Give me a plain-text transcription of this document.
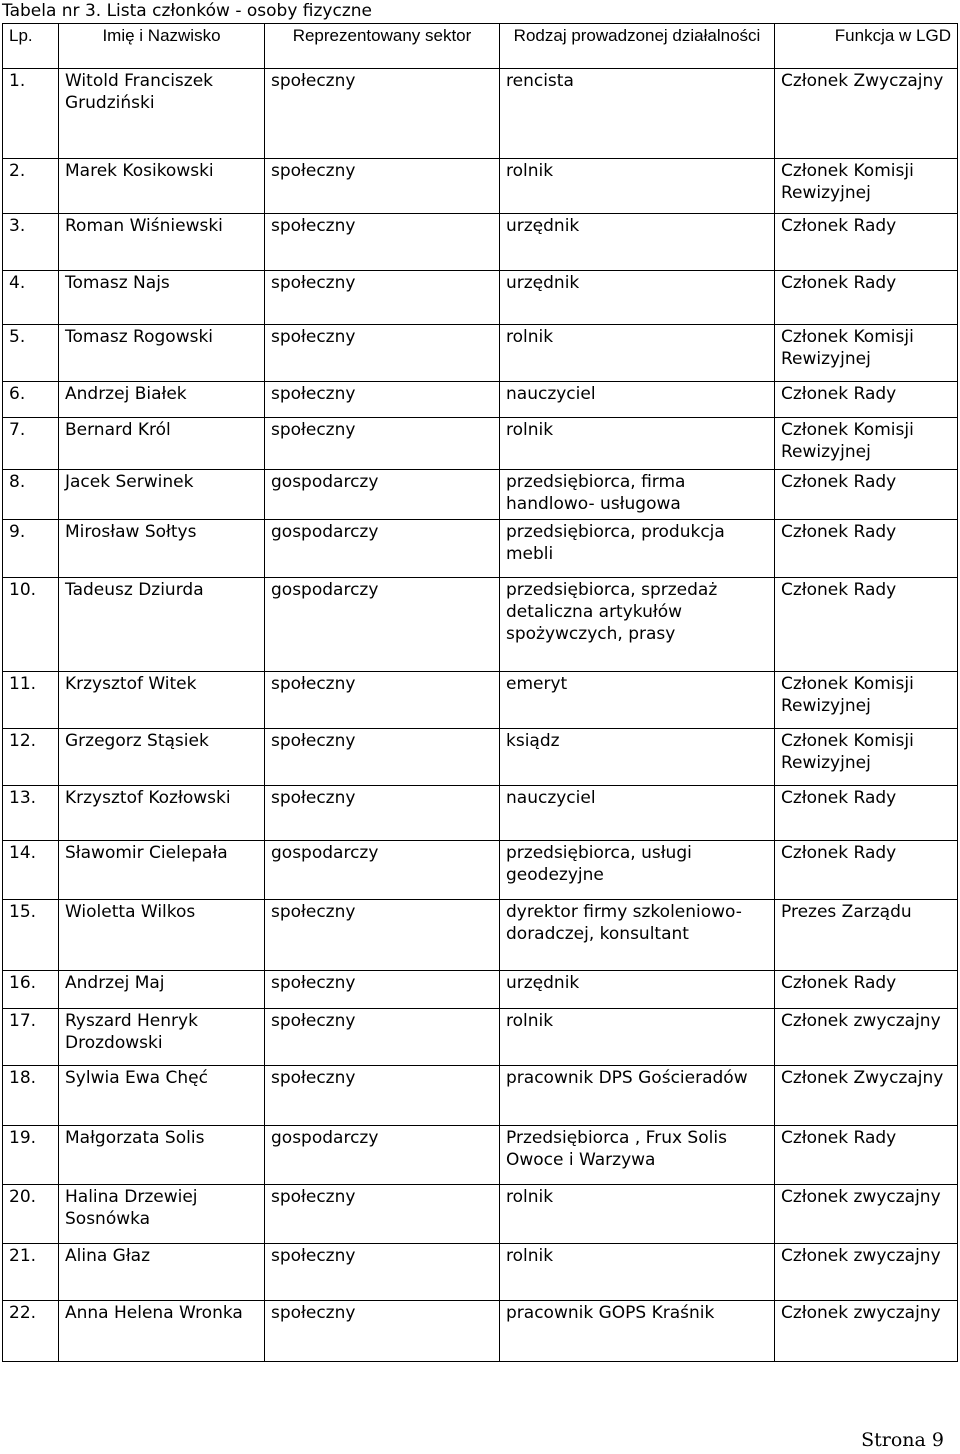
Tabela nr 3. Lista członków - osoby fizyczne
Lp.	Imię i Nazwisko	Reprezentowany sektor	Rodzaj prowadzonej działalności	Funkcja w LGD
1.	Witold Franciszek Grudziński	społeczny	rencista	Członek Zwyczajny
2.	Marek Kosikowski	społeczny	rolnik	Członek Komisji Rewizyjnej
3.	Roman Wiśniewski	społeczny	urzędnik	Członek Rady
4.	Tomasz Najs	społeczny	urzędnik	Członek Rady
5.	Tomasz Rogowski	społeczny	rolnik	Członek Komisji Rewizyjnej
6.	Andrzej Białek	społeczny	nauczyciel	Członek Rady
7.	Bernard Król	społeczny	rolnik	Członek Komisji Rewizyjnej
8.	Jacek Serwinek	gospodarczy	przedsiębiorca, firma handlowo- usługowa	Członek Rady
9.	Mirosław Sołtys	gospodarczy	przedsiębiorca, produkcja mebli	Członek Rady
10.	Tadeusz Dziurda	gospodarczy	przedsiębiorca, sprzedaż detaliczna artykułów spożywczych, prasy	Członek Rady
11.	Krzysztof Witek	społeczny	emeryt	Członek Komisji Rewizyjnej
12.	Grzegorz Stąsiek	społeczny	ksiądz	Członek Komisji Rewizyjnej
13.	Krzysztof Kozłowski	społeczny	nauczyciel	Członek Rady
14.	Sławomir Cielepała	gospodarczy	przedsiębiorca, usługi geodezyjne	Członek Rady
15.	Wioletta Wilkos	społeczny	dyrektor firmy szkoleniowo-doradczej, konsultant	Prezes Zarządu
16.	Andrzej Maj	społeczny	urzędnik	Członek Rady
17.	Ryszard Henryk Drozdowski	społeczny	rolnik	Członek zwyczajny
18.	Sylwia Ewa Chęć	społeczny	pracownik DPS Gościeradów	Członek Zwyczajny
19.	Małgorzata Solis	gospodarczy	Przedsiębiorca , Frux Solis Owoce i Warzywa	Członek Rady
20.	Halina Drzewiej Sosnówka	społeczny	rolnik	Członek zwyczajny
21.	Alina Głaz	społeczny	rolnik	Członek zwyczajny
22.	Anna Helena Wronka	społeczny	pracownik GOPS Kraśnik	Członek zwyczajny
Strona 9
